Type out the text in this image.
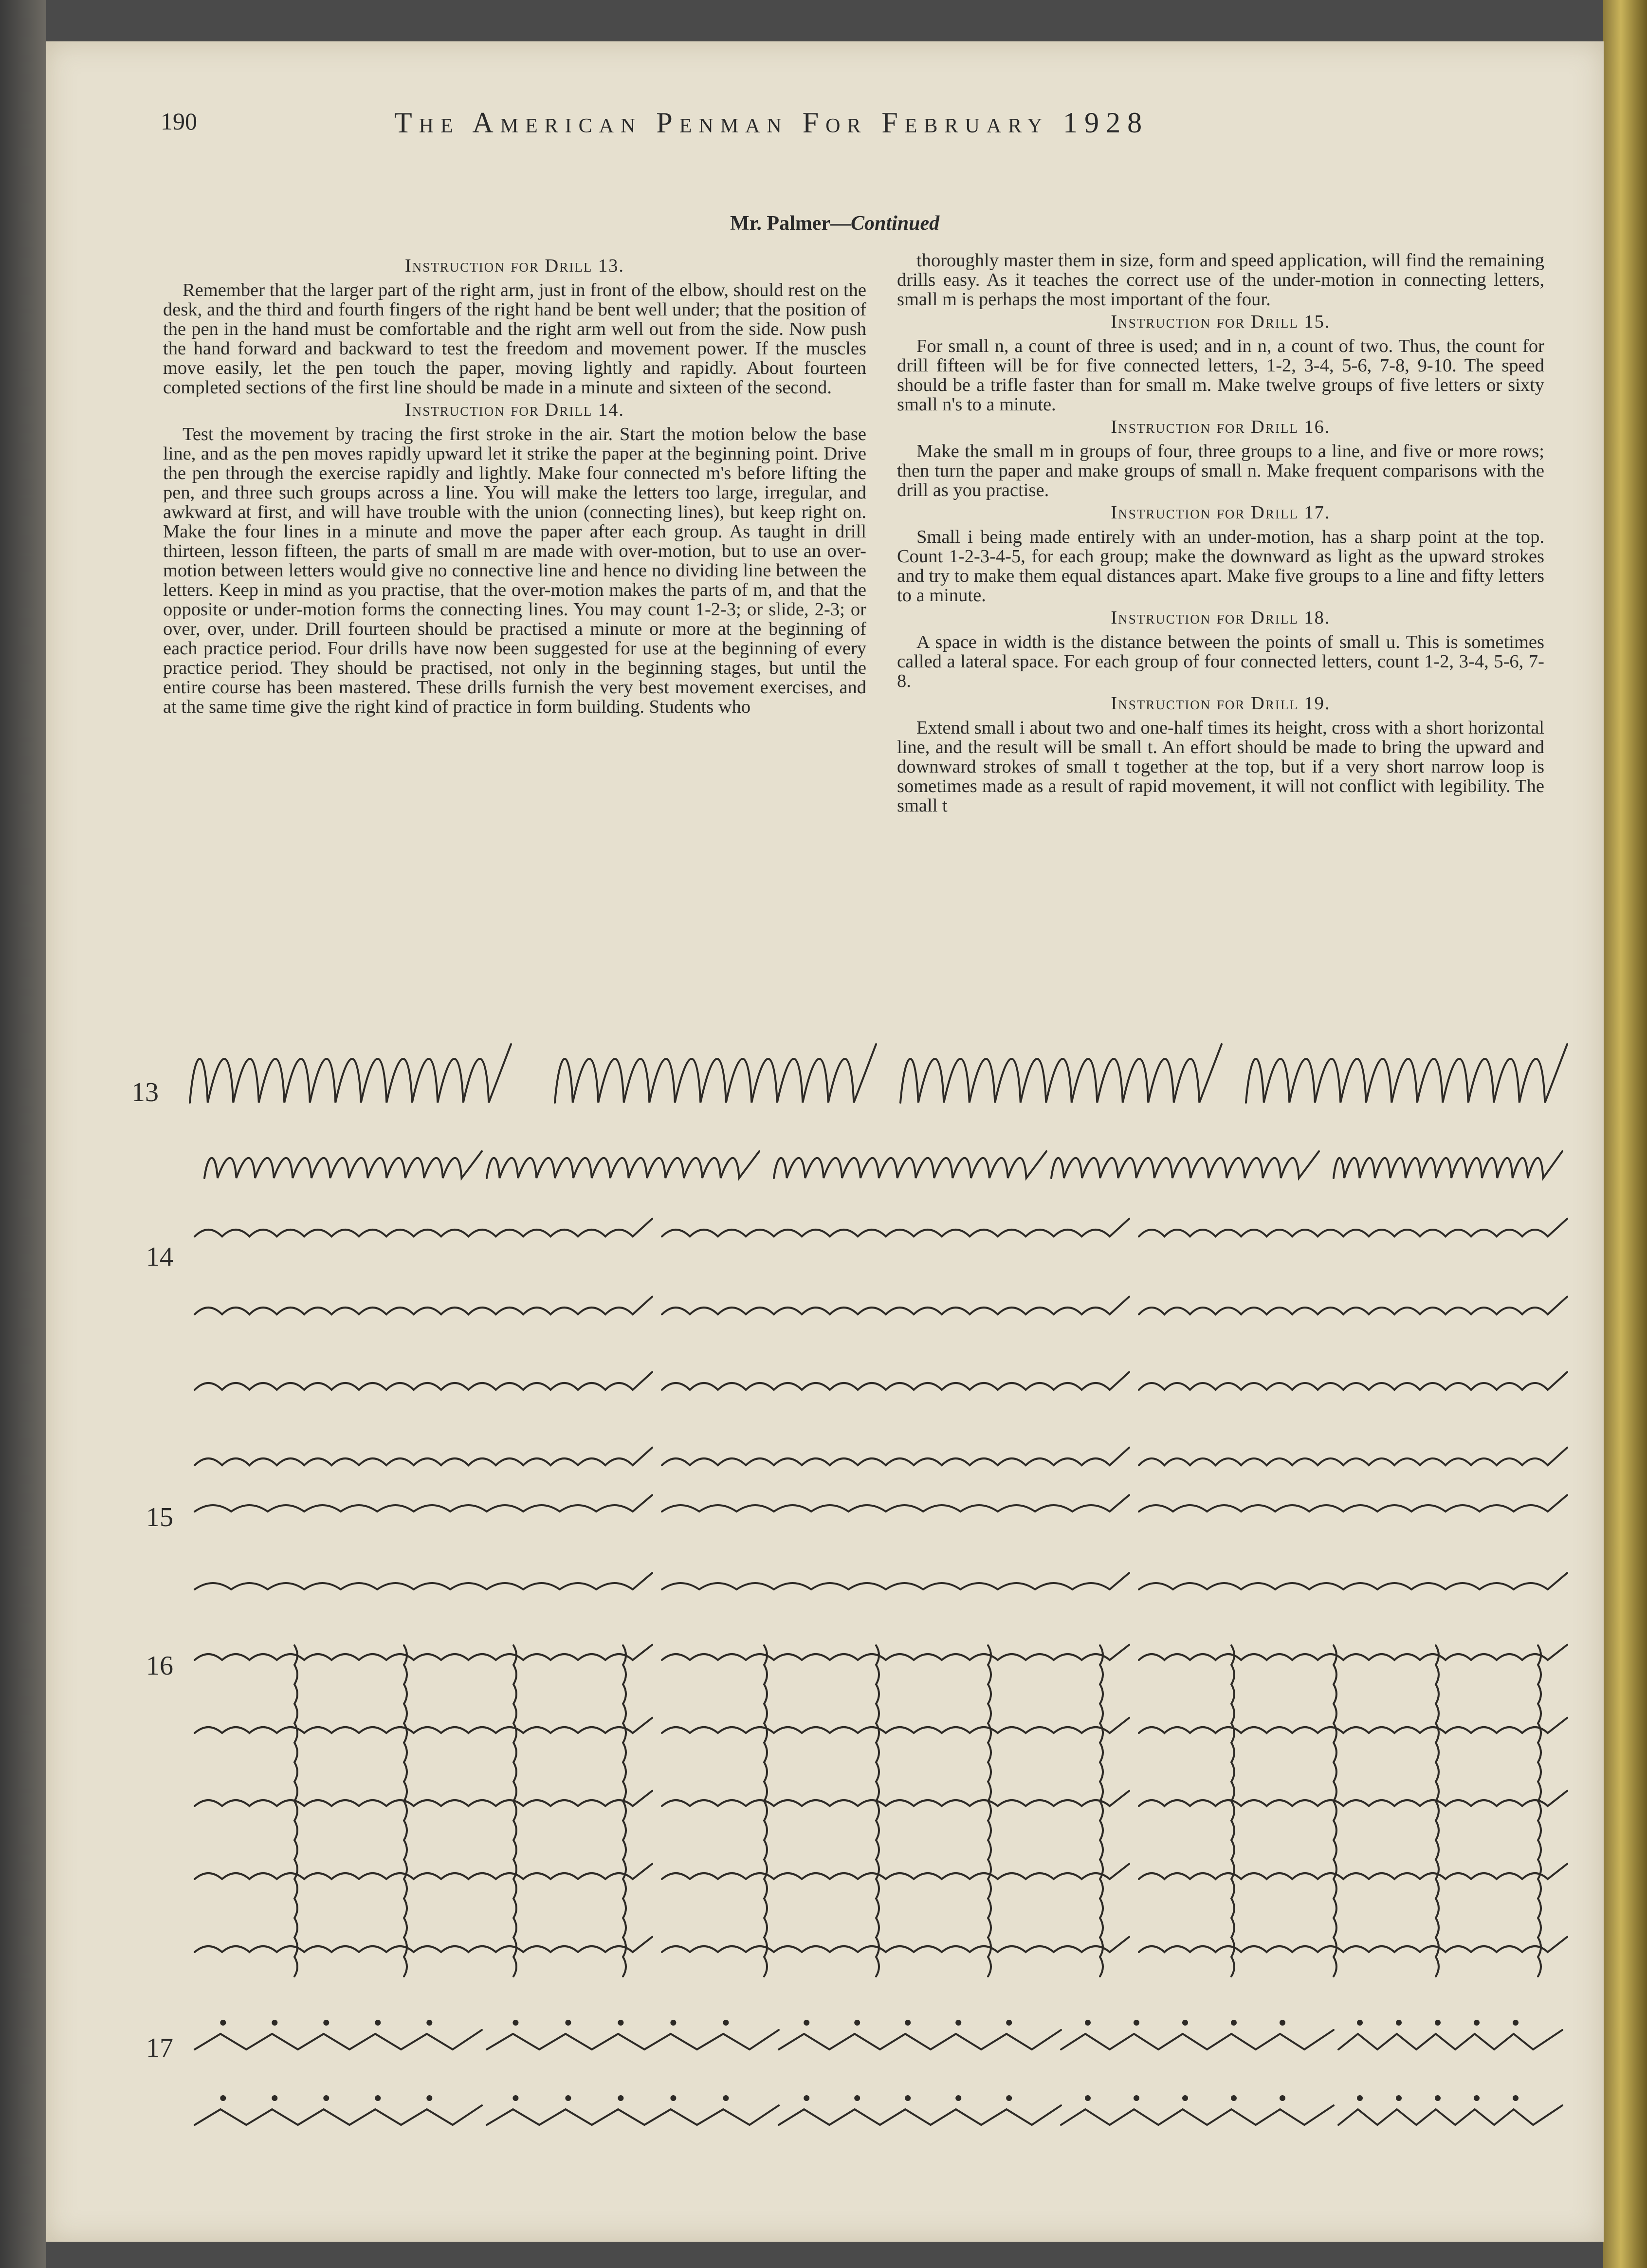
190	The American Penman For February 1928
Mr. Palmer—Continued
Instruction for Drill 13.
Remember that the larger part of the right arm, just in front of the elbow, should rest on the desk, and the third and fourth fingers of the right hand be bent well under; that the position of the pen in the hand must be comfortable and the right arm well out from the side. Now push the hand forward and backward to test the freedom and movement power. If the muscles move easily, let the pen touch the paper, moving lightly and rapidly. About fourteen completed sections of the first line should be made in a minute and sixteen of the second.
Instruction for Drill 14.
Test the movement by tracing the first stroke in the air. Start the motion below the base line, and as the pen moves rapidly upward let it strike the paper at the beginning point. Drive the pen through the exercise rapidly and lightly. Make four connected m's before lifting the pen, and three such groups across a line. You will make the letters too large, irregular, and awkward at first, and will have trouble with the union (connecting lines), but keep right on. Make the four lines in a minute and move the paper after each group. As taught in drill thirteen, lesson fifteen, the parts of small m are made with over-motion, but to use an over-motion between letters would give no connective line and hence no dividing line between the letters. Keep in mind as you practise, that the over-motion makes the parts of m, and that the opposite or under-motion forms the connecting lines. You may count 1-2-3; or slide, 2-3; or over, over, under. Drill fourteen should be practised a minute or more at the beginning of each practice period. Four drills have now been suggested for use at the beginning of every practice period. They should be practised, not only in the beginning stages, but until the entire course has been mastered. These drills furnish the very best movement exercises, and at the same time give the right kind of practice in form building. Students who
thoroughly master them in size, form and speed application, will find the remaining drills easy. As it teaches the correct use of the under-motion in connecting letters, small m is perhaps the most important of the four.
Instruction for Drill 15.
For small n, a count of three is used; and in n, a count of two. Thus, the count for drill fifteen will be for five connected letters, 1-2, 3-4, 5-6, 7-8, 9-10. The speed should be a trifle faster than for small m. Make twelve groups of five letters or sixty small n's to a minute.
Instruction for Drill 16.
Make the small m in groups of four, three groups to a line, and five or more rows; then turn the paper and make groups of small n. Make frequent comparisons with the drill as you practise.
Instruction for Drill 17.
Small i being made entirely with an under-motion, has a sharp point at the top. Count 1-2-3-4-5, for each group; make the downward as light as the upward strokes and try to make them equal distances apart. Make five groups to a line and fifty letters to a minute.
Instruction for Drill 18.
A space in width is the distance between the points of small u. This is sometimes called a lateral space. For each group of four connected letters, count 1-2, 3-4, 5-6, 7-8.
Instruction for Drill 19.
Extend small i about two and one-half times its height, cross with a short horizontal line, and the result will be small t. An effort should be made to bring the upward and downward strokes of small t together at the top, but if a very short narrow loop is sometimes made as a result of rapid movement, it will not conflict with legibility. The small t
13
14
15
16
17
